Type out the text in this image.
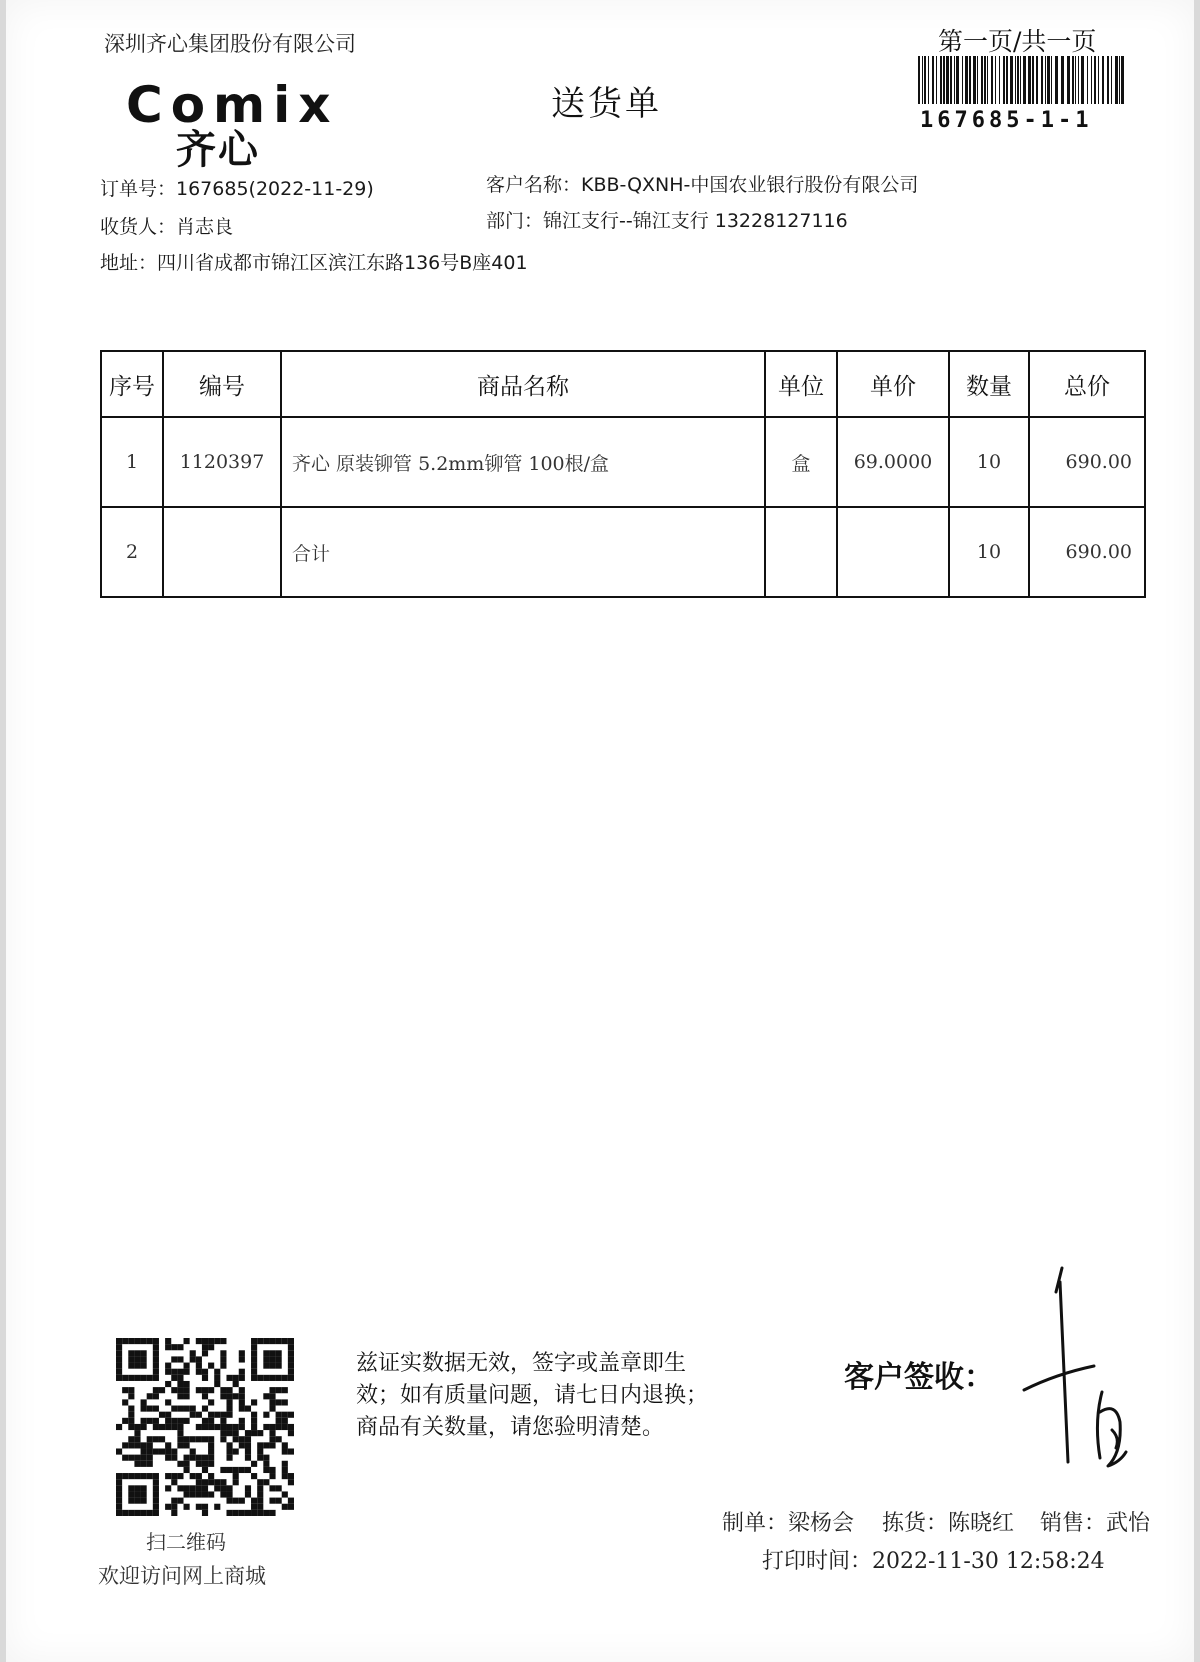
深圳齐心集团股份有限公司	第一页/共一页
167685-1-1
Comix
齐心
送货单
订单号：167685(2022-11-29)
收货人：肖志良
地址：四川省成都市锦江区滨江东路136号B座401
客户名称：KBB-QXNH-中国农业银行股份有限公司
部门：锦江支行--锦江支行 13228127116
序号	编号	商品名称	单位	单价	数量	总价
1	1120397	齐心 原装铆管 5.2mm铆管 100根/盒	盒	69.0000	10	690.00
2		合计			10	690.00
扫二维码
欢迎访问网上商城
兹证实数据无效，签字或盖章即生
效；如有质量问题，请七日内退换；
商品有关数量，请您验明清楚。
客户签收：
制单：梁杨会 拣货：陈晓红 销售：武怡
打印时间：2022-11-30 12:58:24
